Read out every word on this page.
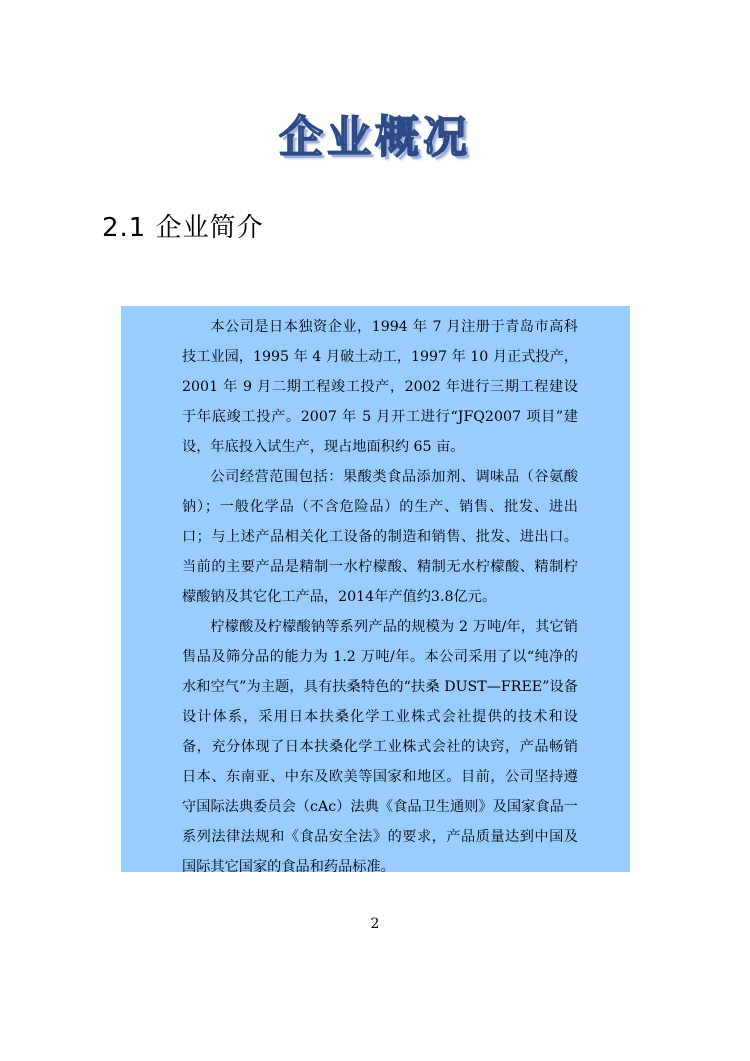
企业概况
2.1 企业简介

本公司是日本独资企业，1994 年 7 月注册于青岛市高科技工业园，1995 年 4 月破土动工，1997 年 10 月正式投产，2001 年 9 月二期工程竣工投产，2002 年进行三期工程建设于年底竣工投产。2007 年 5 月开工进行“JFQ2007 项目”建设，年底投入试生产，现占地面积约 65 亩。

公司经营范围包括：果酸类食品添加剂、调味品（谷氨酸钠）；一般化学品（不含危险品）的生产、销售、批发、进出口；与上述产品相关化工设备的制造和销售、批发、进出口。当前的主要产品是精制一水柠檬酸、精制无水柠檬酸、精制柠檬酸钠及其它化工产品，2014年产值约3.8亿元。

柠檬酸及柠檬酸钠等系列产品的规模为 2 万吨/年，其它销售品及筛分品的能力为 1.2 万吨/年。本公司采用了以“纯净的水和空气”为主题，具有扶桑特色的“扶桑 DUST—FREE”设备设计体系，采用日本扶桑化学工业株式会社提供的技术和设备，充分体现了日本扶桑化学工业株式会社的诀窍，产品畅销日本、东南亚、中东及欧美等国家和地区。目前，公司坚持遵守国际法典委员会（cAc）法典《食品卫生通则》及国家食品一系列法律法规和《食品安全法》的要求，产品质量达到中国及国际其它国家的食品和药品标准。

2
